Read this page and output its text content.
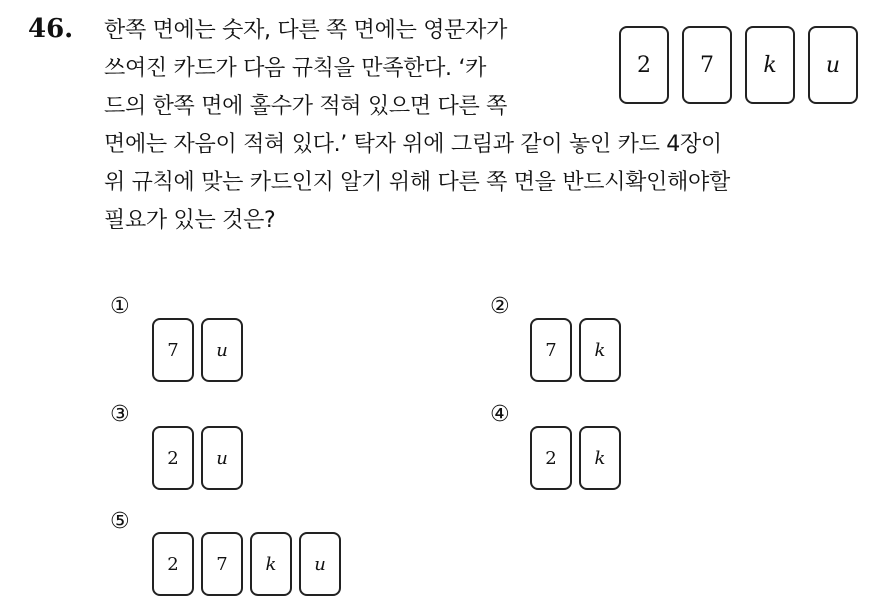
46. 한쪽 면에는 숫자, 다른 쪽 면에는 영문자가
쓰여진 카드가 다음 규칙을 만족한다. ‘카
드의 한쪽 면에 홀수가 적혀 있으면 다른 쪽
면에는 자음이 적혀 있다.’ 탁자 위에 그림과 같이 놓인 카드 4장이
위 규칙에 맞는 카드인지 알기 위해 다른 쪽 면을 반드시확인해야할
필요가 있는 것은?
2	7	k	u
①
7	u
②
7	k
③
2	u
④
2	k
⑤
2	7	k	u
